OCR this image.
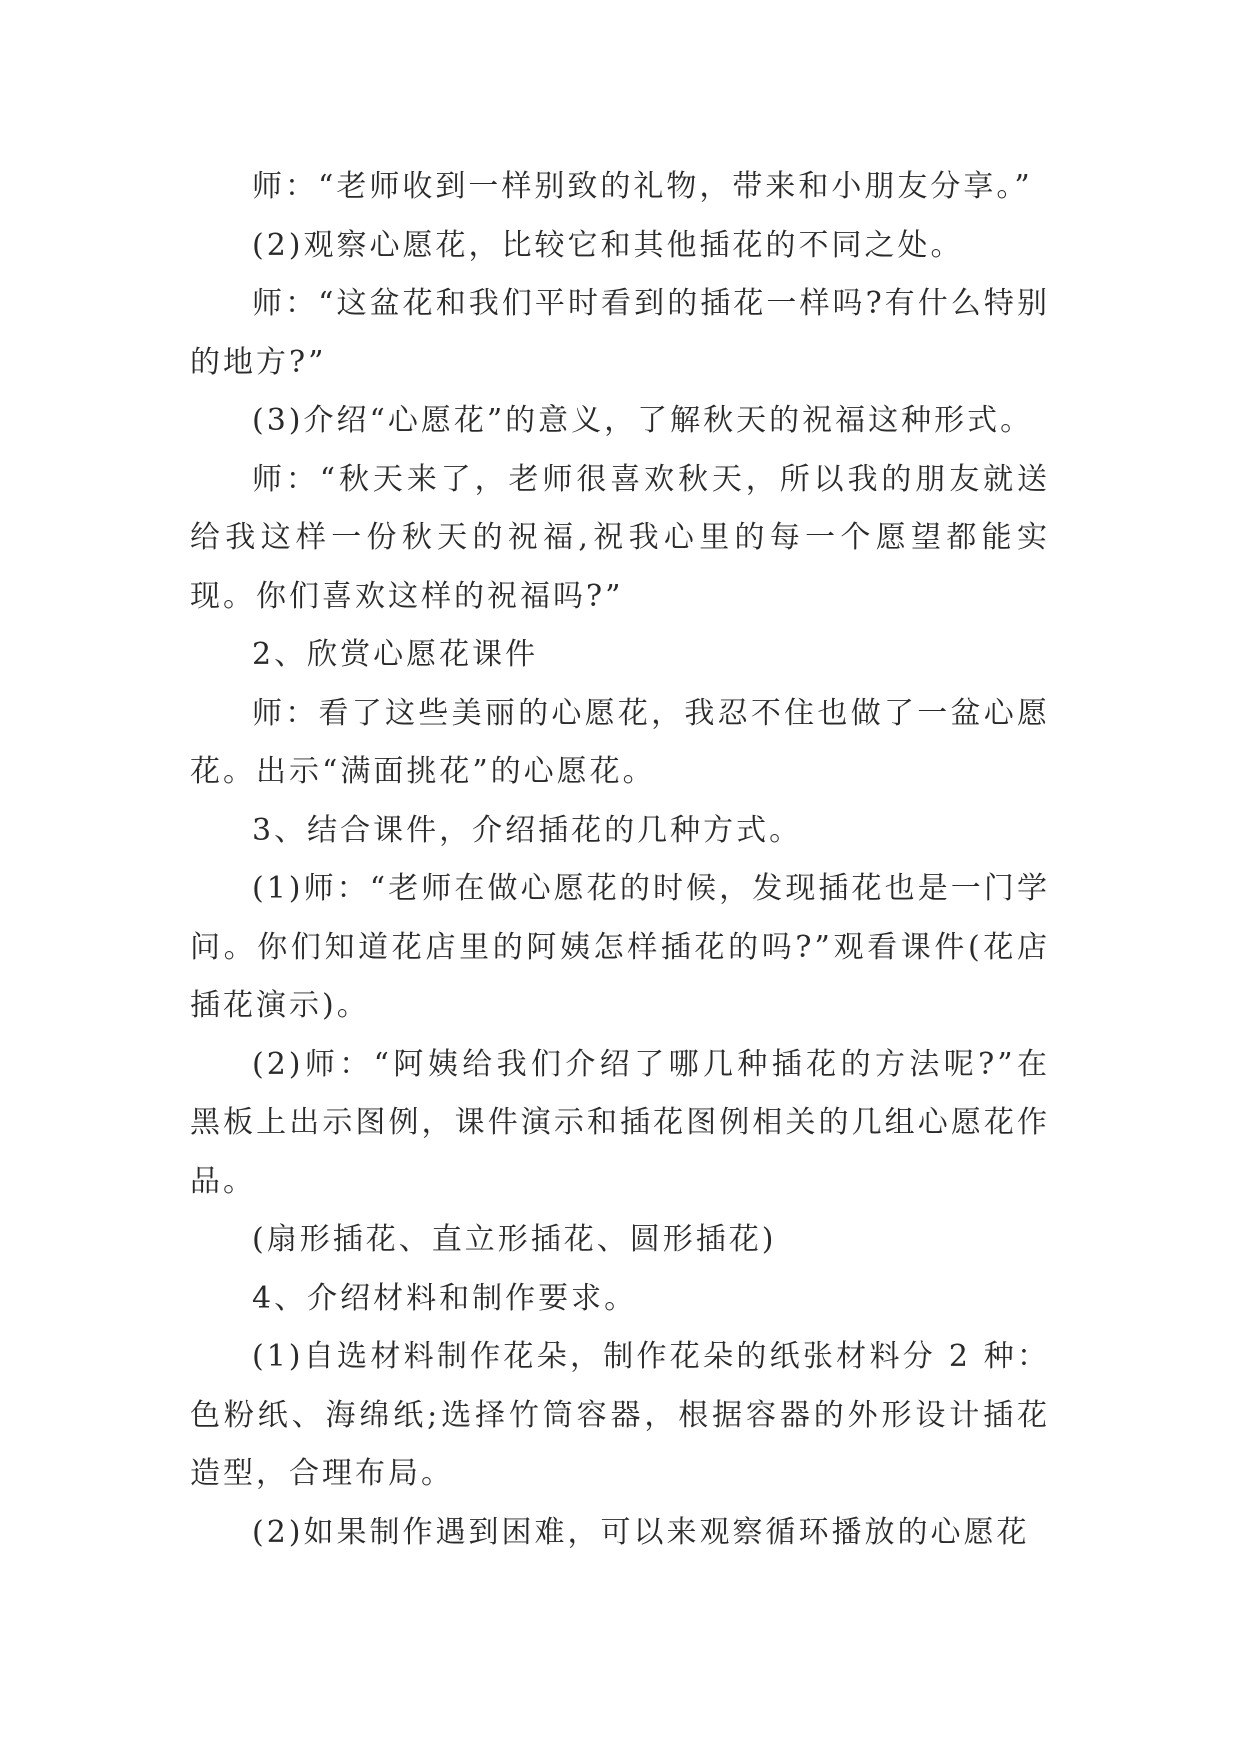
师：“老师收到一样别致的礼物，带来和小朋友分享。”

(2)观察心愿花，比较它和其他插花的不同之处。

师：“这盆花和我们平时看到的插花一样吗?有什么特别的地方?”

(3)介绍“心愿花”的意义，了解秋天的祝福这种形式。

师：“秋天来了，老师很喜欢秋天，所以我的朋友就送给我这样一份秋天的祝福,祝我心里的每一个愿望都能实现。你们喜欢这样的祝福吗?”

2、欣赏心愿花课件

师：看了这些美丽的心愿花，我忍不住也做了一盆心愿花。出示“满面挑花”的心愿花。

3、结合课件，介绍插花的几种方式。

(1)师：“老师在做心愿花的时候，发现插花也是一门学问。你们知道花店里的阿姨怎样插花的吗?”观看课件(花店插花演示)。

(2)师：“阿姨给我们介绍了哪几种插花的方法呢?”在黑板上出示图例，课件演示和插花图例相关的几组心愿花作品。

(扇形插花、直立形插花、圆形插花)

4、介绍材料和制作要求。

(1)自选材料制作花朵，制作花朵的纸张材料分 2 种：色粉纸、海绵纸;选择竹筒容器，根据容器的外形设计插花造型，合理布局。

(2)如果制作遇到困难，可以来观察循环播放的心愿花
